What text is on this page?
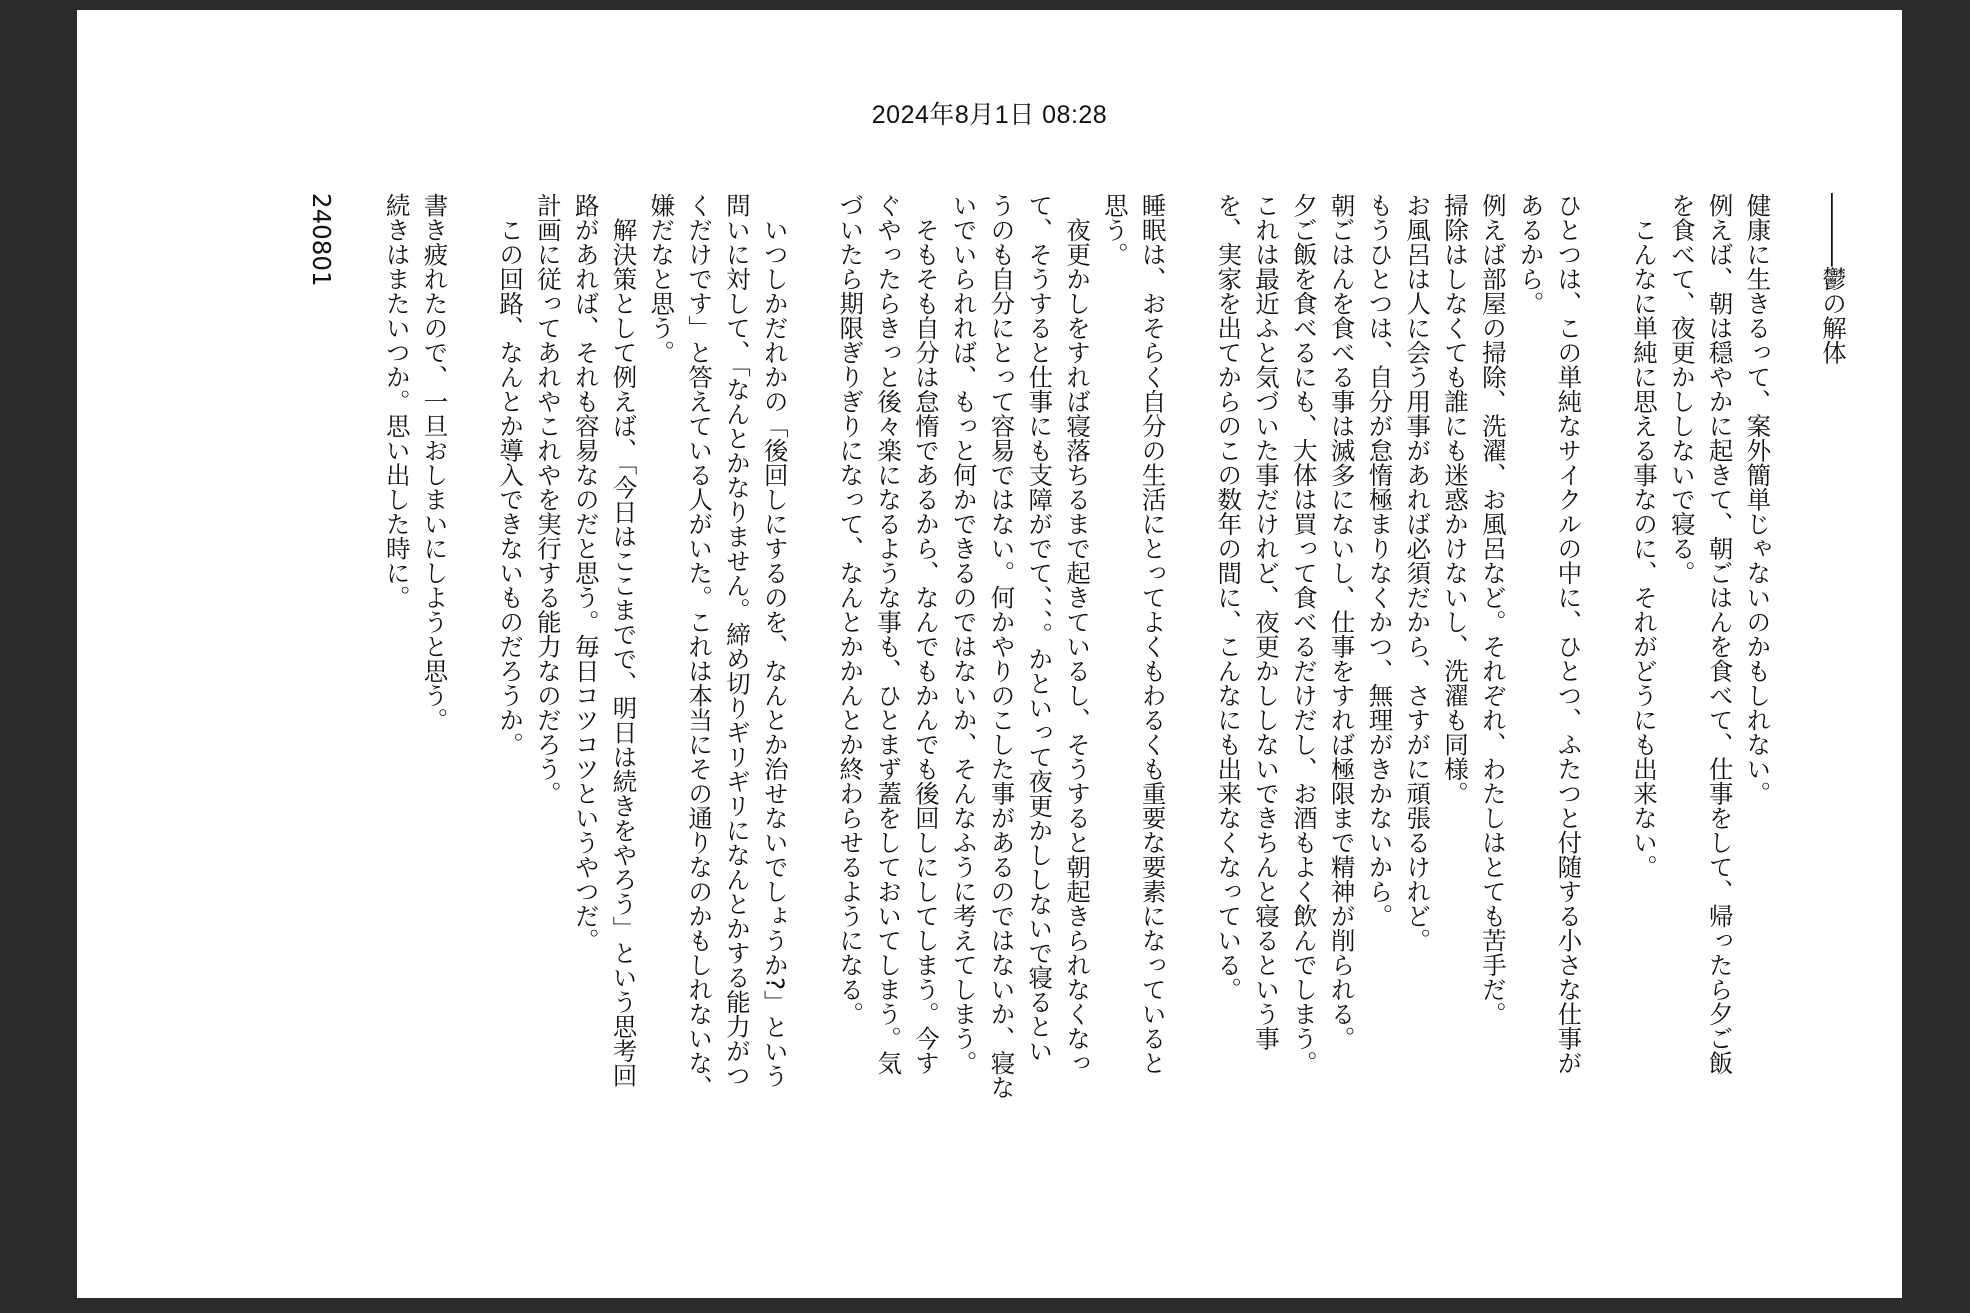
2024年8月1日 08:28
―――鬱の解体
健康に生きるって、案外簡単じゃないのかもしれない。
例えば、朝は穏やかに起きて、朝ごはんを食べて、仕事をして、帰ったら夕ご飯
を食べて、夜更かししないで寝る。
　こんなに単純に思える事なのに、それがどうにも出来ない。
ひとつは、この単純なサイクルの中に、ひとつ、ふたつと付随する小さな仕事が
あるから。
例えば部屋の掃除、洗濯、お風呂など。それぞれ、わたしはとても苦手だ。
掃除はしなくても誰にも迷惑かけないし、洗濯も同様。
お風呂は人に会う用事があれば必須だから、さすがに頑張るけれど。
もうひとつは、自分が怠惰極まりなくかつ、無理がきかないから。
朝ごはんを食べる事は滅多にないし、仕事をすれば極限まで精神が削られる。
夕ご飯を食べるにも、大体は買って食べるだけだし、お酒もよく飲んでしまう。
これは最近ふと気づいた事だけれど、夜更かししないできちんと寝るという事
を、実家を出てからのこの数年の間に、こんなにも出来なくなっている。
睡眠は、おそらく自分の生活にとってよくもわるくも重要な要素になっていると
思う。
　夜更かしをすれば寝落ちるまで起きているし、そうすると朝起きられなくなっ
て、そうすると仕事にも支障がでて、、、。かといって夜更かししないで寝るとい
うのも自分にとって容易ではない。何かやりのこした事があるのではないか、寝な
いでいられれば、もっと何かできるのではないか、そんなふうに考えてしまう。
　そもそも自分は怠惰であるから、なんでもかんでも後回しにしてしまう。今す
ぐやったらきっと後々楽になるような事も、ひとまず蓋をしておいてしまう。気
づいたら期限ぎりぎりになって、なんとかかんとか終わらせるようになる。
　いつしかだれかの「後回しにするのを、なんとか治せないでしょうか?」という
問いに対して、「なんとかなりません。締め切りギリギリになんとかする能力がつ
くだけです」と答えている人がいた。これは本当にその通りなのかもしれないな、
嫌だなと思う。
　解決策として例えば、「今日はここまでで、明日は続きをやろう」という思考回
路があれば、それも容易なのだと思う。毎日コツコツというやつだ。
計画に従ってあれやこれやを実行する能力なのだろう。
　この回路、なんとか導入できないものだろうか。
書き疲れたので、一旦おしまいにしようと思う。
続きはまたいつか。思い出した時に。
240801
